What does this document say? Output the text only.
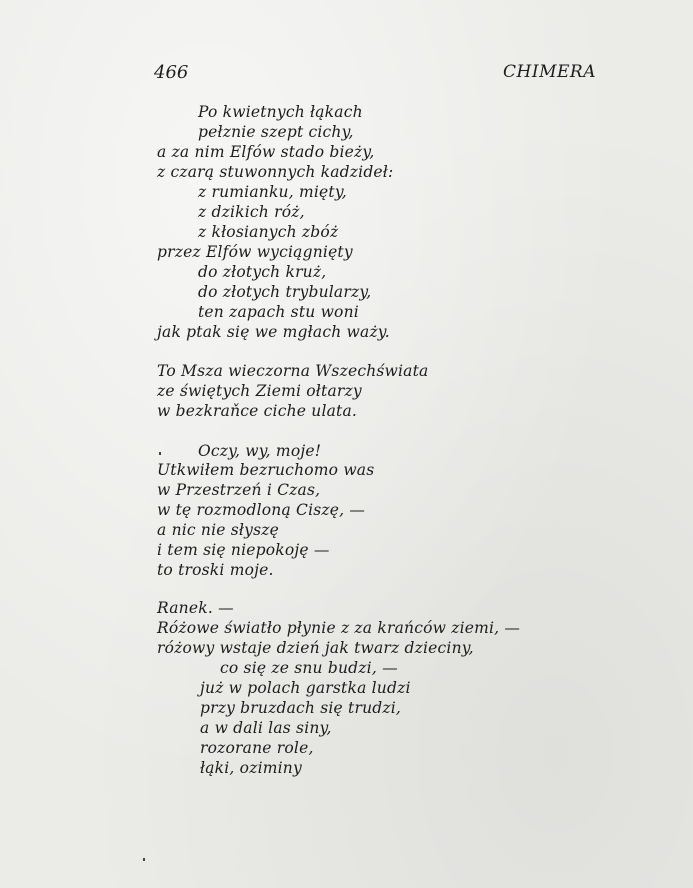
466	CHIMERA
Po kwietnych łąkach
pełznie szept cichy,
a za nim Elfów stado bieży,
z czarą stuwonnych kadzideł:
z rumianku, mięty,
z dzikich róż,
z kłosianych zbóż
przez Elfów wyciągnięty
do złotych kruż,
do złotych trybularzy,
ten zapach stu woni
jak ptak się we mgłach waży.
To Msza wieczorna Wszechświata
ze świętych Ziemi ołtarzy
w bezkraňce ciche ulata.
Oczy, wy, moje!
Utkwiłem bezruchomo was
w Przestrzeń i Czas,
w tę rozmodloną Ciszę, —
a nic nie słyszę
i tem się niepokoję —
to troski moje.
Ranek. —
Różowe światło płynie z za krańców ziemi, —
różowy wstaje dzień jak twarz dzieciny,
co się ze snu budzi, —
już w polach garstka ludzi
przy bruzdach się trudzi,
a w dali las siny,
rozorane role,
łąki, oziminy
